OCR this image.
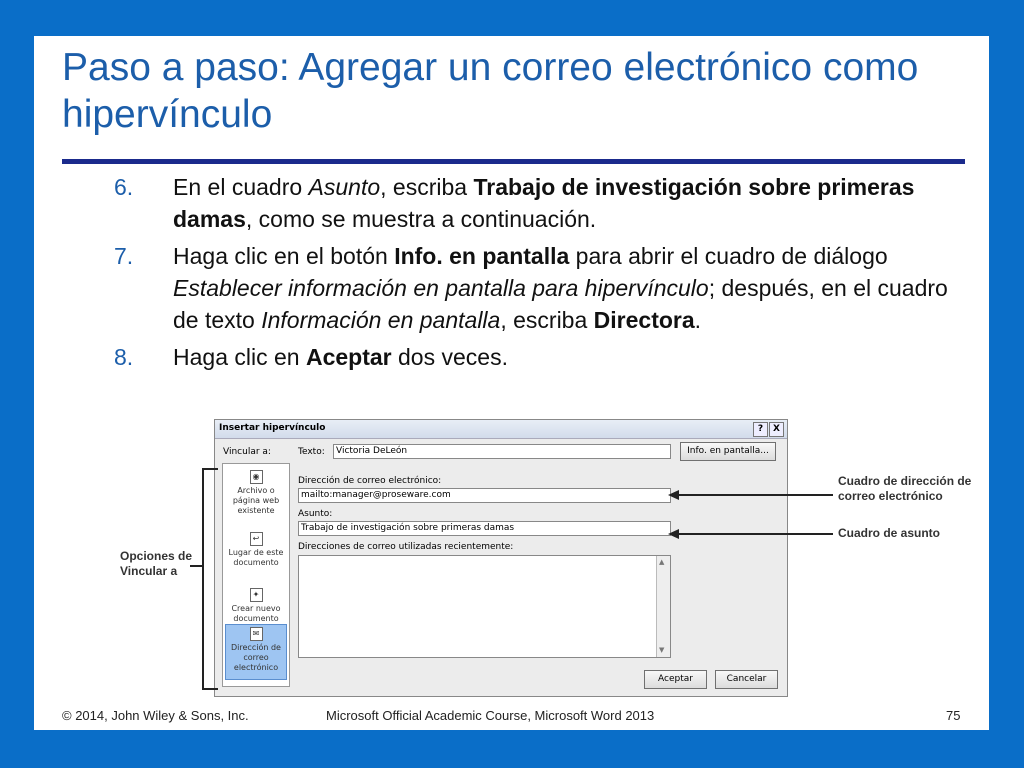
Paso a paso: Agregar un correo electrónico como hipervínculo
6. En el cuadro Asunto, escriba Trabajo de investigación sobre primeras damas, como se muestra a continuación.
7. Haga clic en el botón Info. en pantalla para abrir el cuadro de diálogo Establecer información en pantalla para hipervínculo; después, en el cuadro de texto Información en pantalla, escriba Directora.
8. Haga clic en Aceptar dos veces.
Insertar hipervínculo	?	X
Vincular a:	Texto:	Victoria DeLeón	Info. en pantalla...
◉
Archivo o página web existente
↩
Lugar de este documento
✦
Crear nuevo documento
✉
Dirección de correo electrónico
Dirección de correo electrónico:
mailto:manager@proseware.com
Asunto:
Trabajo de investigación sobre primeras damas
Direcciones de correo utilizadas recientemente:
▲
▼
Aceptar	Cancelar
Opciones de Vincular a
Cuadro de dirección de correo electrónico
Cuadro de asunto
© 2014, John Wiley & Sons, Inc.	Microsoft Official Academic Course, Microsoft Word 2013	75
